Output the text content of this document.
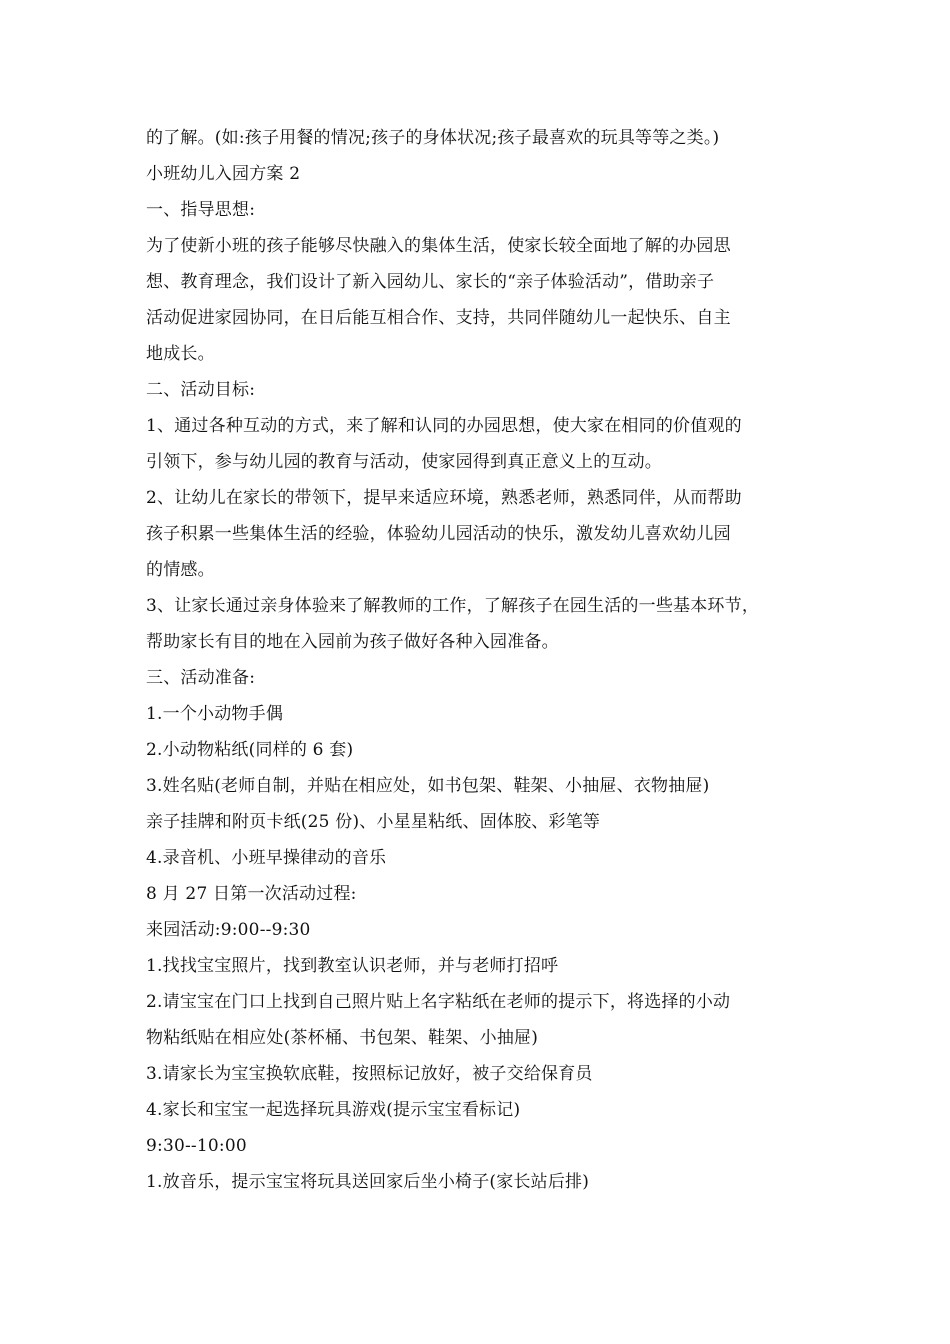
的了解。(如:孩子用餐的情况;孩子的身体状况;孩子最喜欢的玩具等等之类。)
小班幼儿入园方案 2
一、指导思想:
为了使新小班的孩子能够尽快融入的集体生活，使家长较全面地了解的办园思
想、教育理念，我们设计了新入园幼儿、家长的“亲子体验活动”，借助亲子
活动促进家园协同，在日后能互相合作、支持，共同伴随幼儿一起快乐、自主
地成长。
二、活动目标:
1、通过各种互动的方式，来了解和认同的办园思想，使大家在相同的价值观的
引领下，参与幼儿园的教育与活动，使家园得到真正意义上的互动。
2、让幼儿在家长的带领下，提早来适应环境，熟悉老师，熟悉同伴，从而帮助
孩子积累一些集体生活的经验，体验幼儿园活动的快乐，激发幼儿喜欢幼儿园
的情感。
3、让家长通过亲身体验来了解教师的工作，了解孩子在园生活的一些基本环节，
帮助家长有目的地在入园前为孩子做好各种入园准备。
三、活动准备:
1.一个小动物手偶
2.小动物粘纸(同样的 6 套)
3.姓名贴(老师自制，并贴在相应处，如书包架、鞋架、小抽屉、衣物抽屉)
亲子挂牌和附页卡纸(25 份)、小星星粘纸、固体胶、彩笔等
4.录音机、小班早操律动的音乐
8 月 27 日第一次活动过程:
来园活动:9:00--9:30
1.找找宝宝照片，找到教室认识老师，并与老师打招呼
2.请宝宝在门口上找到自己照片贴上名字粘纸在老师的提示下，将选择的小动
物粘纸贴在相应处(茶杯桶、书包架、鞋架、小抽屉)
3.请家长为宝宝换软底鞋，按照标记放好，被子交给保育员
4.家长和宝宝一起选择玩具游戏(提示宝宝看标记)
9:30--10:00
1.放音乐，提示宝宝将玩具送回家后坐小椅子(家长站后排)
